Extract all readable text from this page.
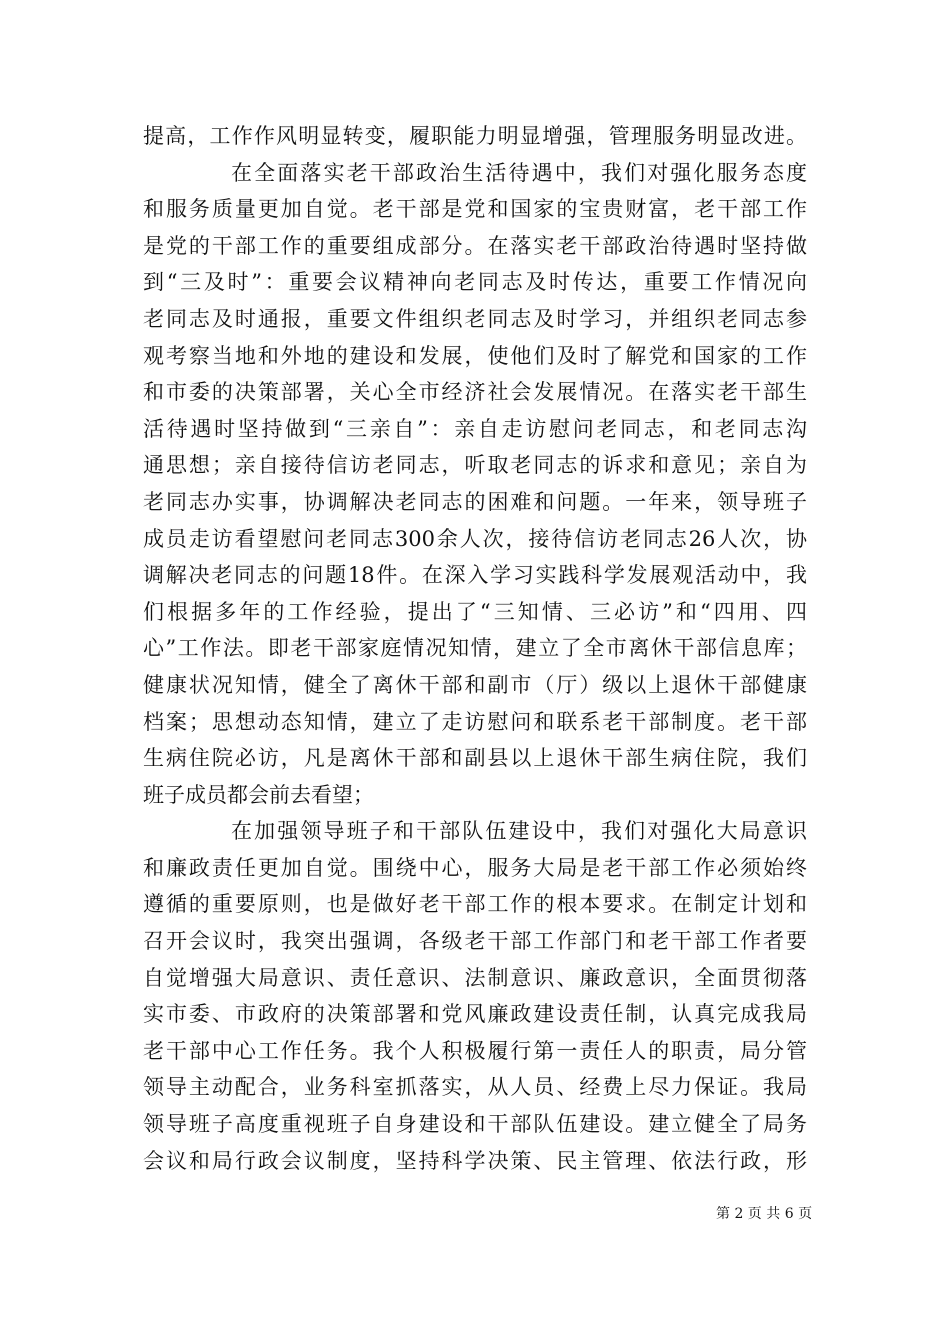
提高，工作作风明显转变，履职能力明显增强，管理服务明显改进。
在全面落实老干部政治生活待遇中，我们对强化服务态度
和服务质量更加自觉。老干部是党和国家的宝贵财富，老干部工作
是党的干部工作的重要组成部分。在落实老干部政治待遇时坚持做
到“三及时”：重要会议精神向老同志及时传达，重要工作情况向
老同志及时通报，重要文件组织老同志及时学习，并组织老同志参
观考察当地和外地的建设和发展，使他们及时了解党和国家的工作
和市委的决策部署，关心全市经济社会发展情况。在落实老干部生
活待遇时坚持做到“三亲自”：亲自走访慰问老同志，和老同志沟
通思想；亲自接待信访老同志，听取老同志的诉求和意见；亲自为
老同志办实事，协调解决老同志的困难和问题。一年来，领导班子
成员走访看望慰问老同志300余人次，接待信访老同志26人次，协
调解决老同志的问题18件。在深入学习实践科学发展观活动中，我
们根据多年的工作经验，提出了“三知情、三必访”和“四用、四
心”工作法。即老干部家庭情况知情，建立了全市离休干部信息库；
健康状况知情，健全了离休干部和副市（厅）级以上退休干部健康
档案；思想动态知情，建立了走访慰问和联系老干部制度。老干部
生病住院必访，凡是离休干部和副县以上退休干部生病住院，我们
班子成员都会前去看望；
在加强领导班子和干部队伍建设中，我们对强化大局意识
和廉政责任更加自觉。围绕中心，服务大局是老干部工作必须始终
遵循的重要原则，也是做好老干部工作的根本要求。在制定计划和
召开会议时，我突出强调，各级老干部工作部门和老干部工作者要
自觉增强大局意识、责任意识、法制意识、廉政意识，全面贯彻落
实市委、市政府的决策部署和党风廉政建设责任制，认真完成我局
老干部中心工作任务。我个人积极履行第一责任人的职责，局分管
领导主动配合，业务科室抓落实，从人员、经费上尽力保证。我局
领导班子高度重视班子自身建设和干部队伍建设。建立健全了局务
会议和局行政会议制度，坚持科学决策、民主管理、依法行政，形
第 2 页 共 6 页
